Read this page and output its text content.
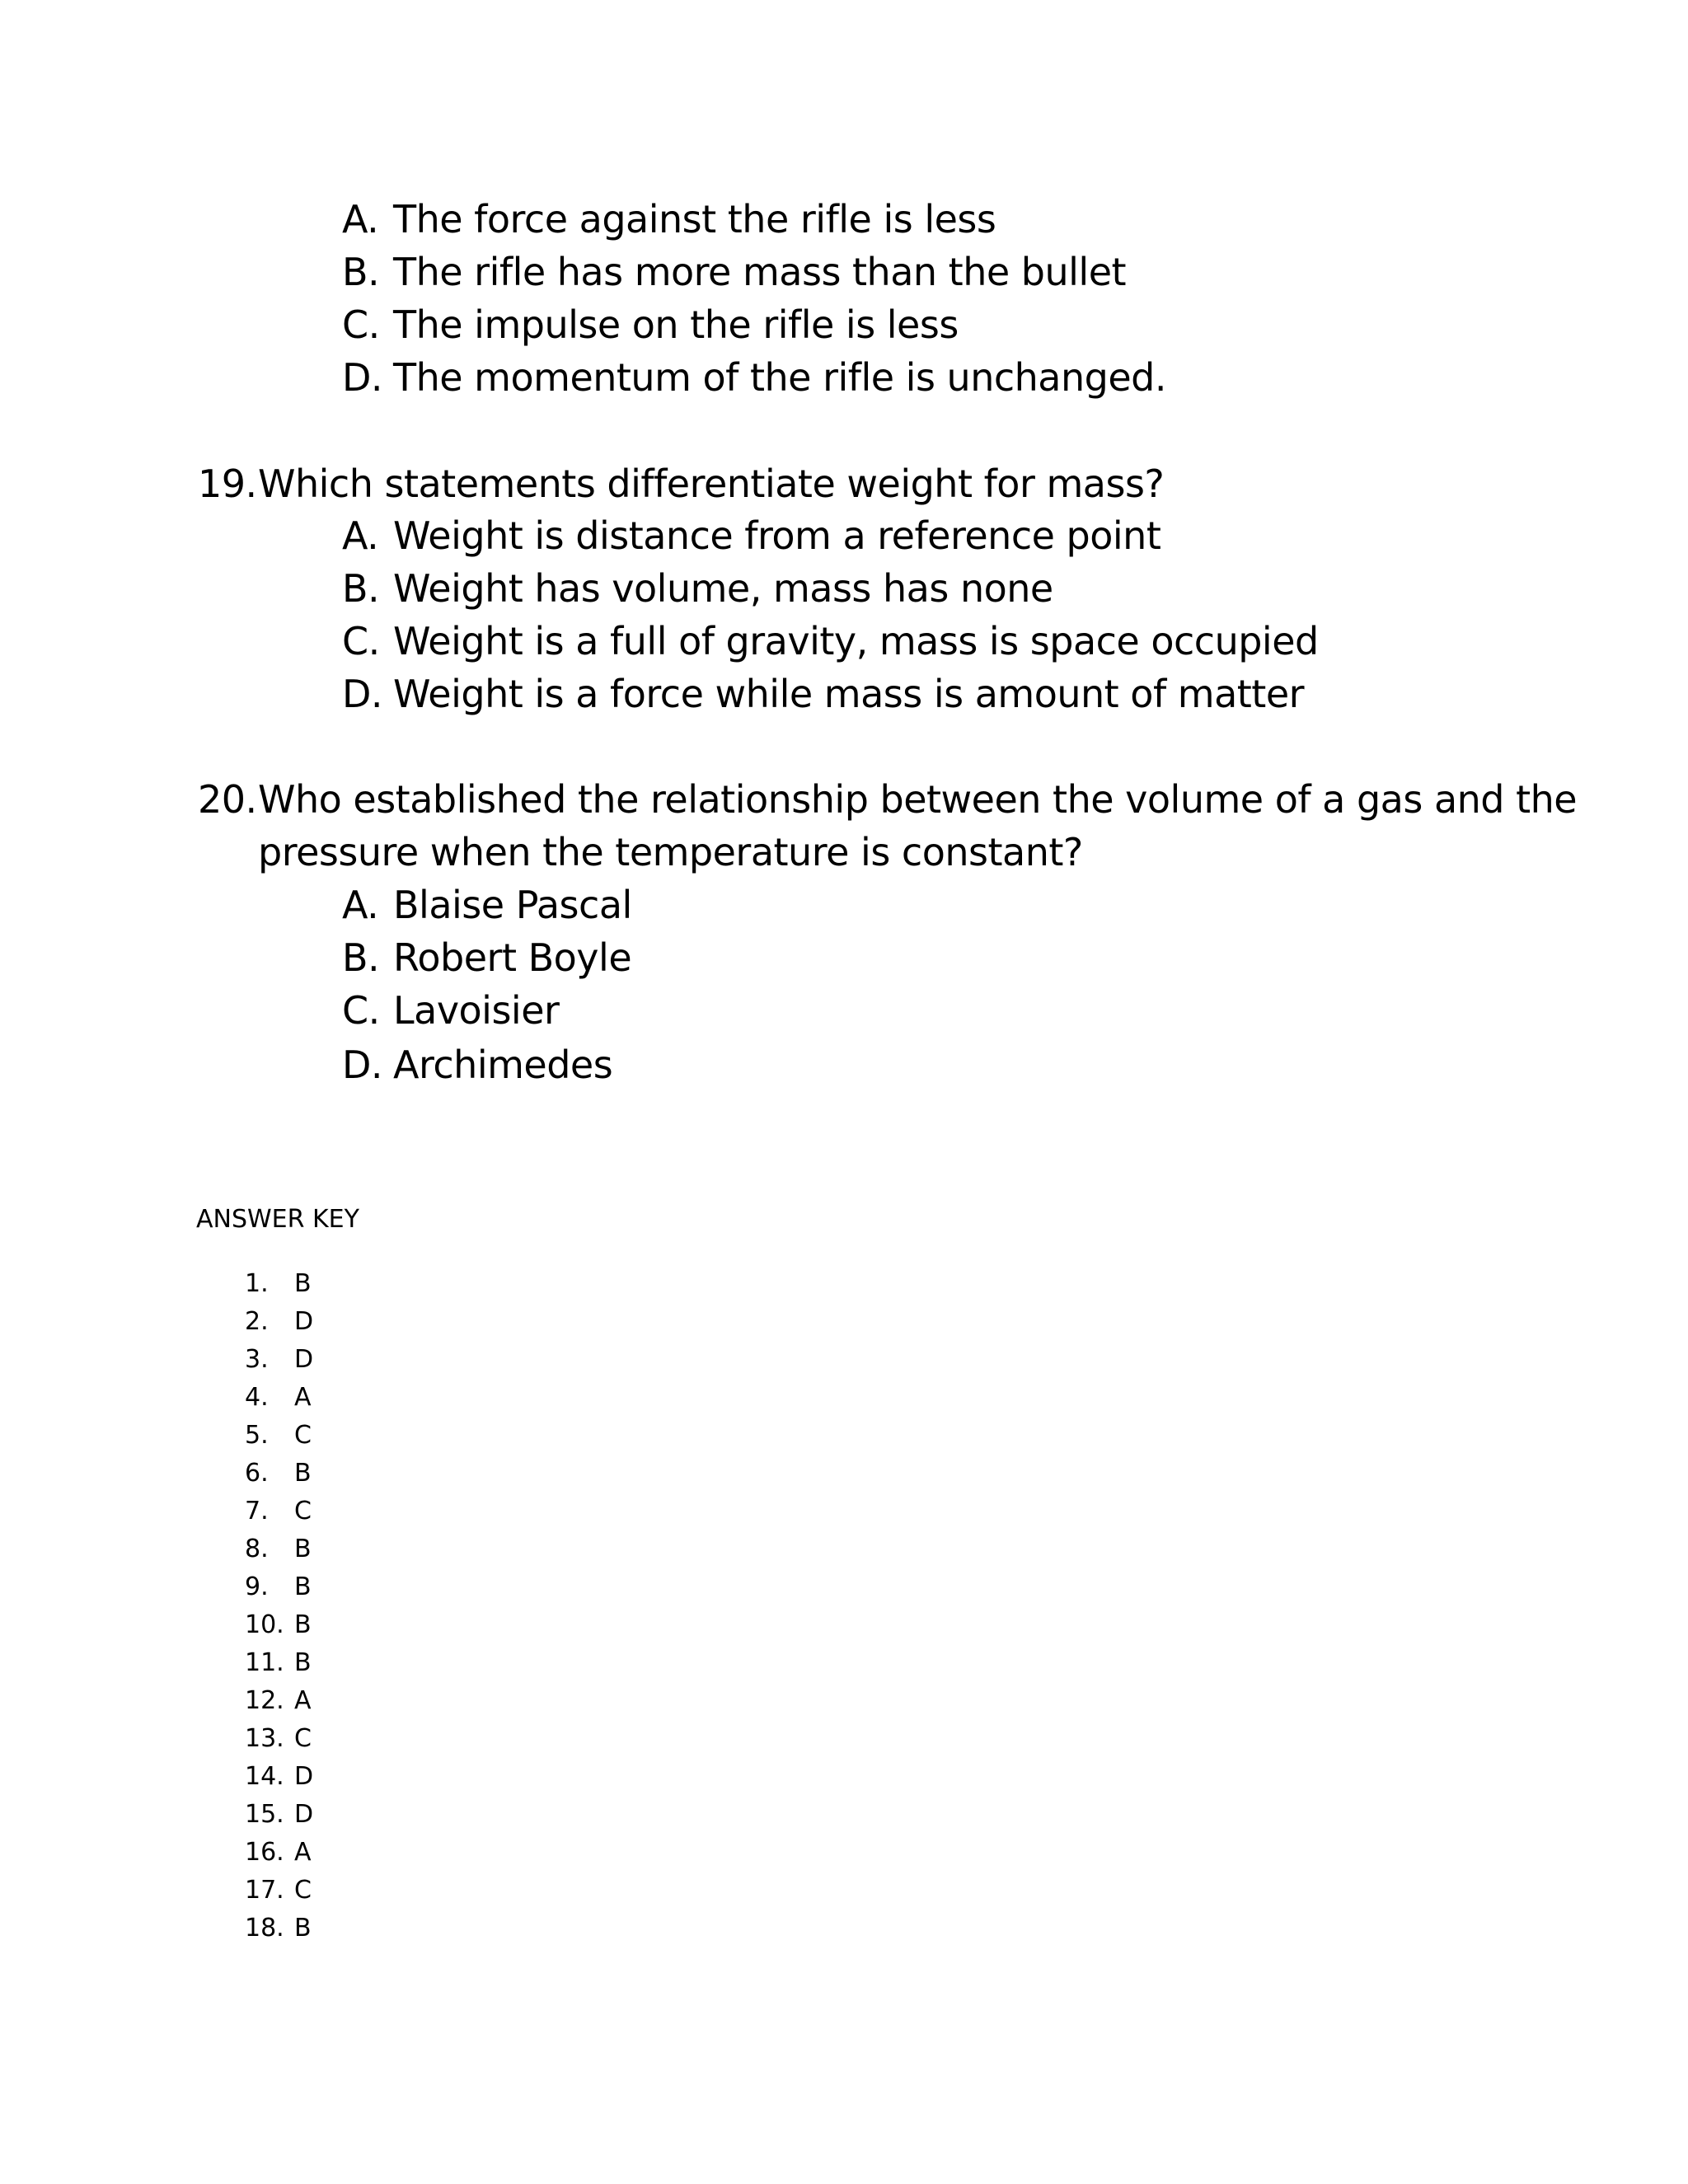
A. The force against the rifle is less
B. The rifle has more mass than the bullet
C. The impulse on the rifle is less
D. The momentum of the rifle is unchanged.
19.Which statements differentiate weight for mass?
A. Weight is distance from a reference point
B. Weight has volume, mass has none
C. Weight is a full of gravity, mass is space occupied
D. Weight is a force while mass is amount of matter
20.Who established the relationship between the volume of a gas and the
pressure when the temperature is constant?
A. Blaise Pascal
B. Robert Boyle
C. Lavoisier
D. Archimedes
ANSWER KEY
1. B
2. D
3. D
4. A
5. C
6. B
7. C
8. B
9. B
10. B
11. B
12. A
13. C
14. D
15. D
16. A
17. C
18. B
